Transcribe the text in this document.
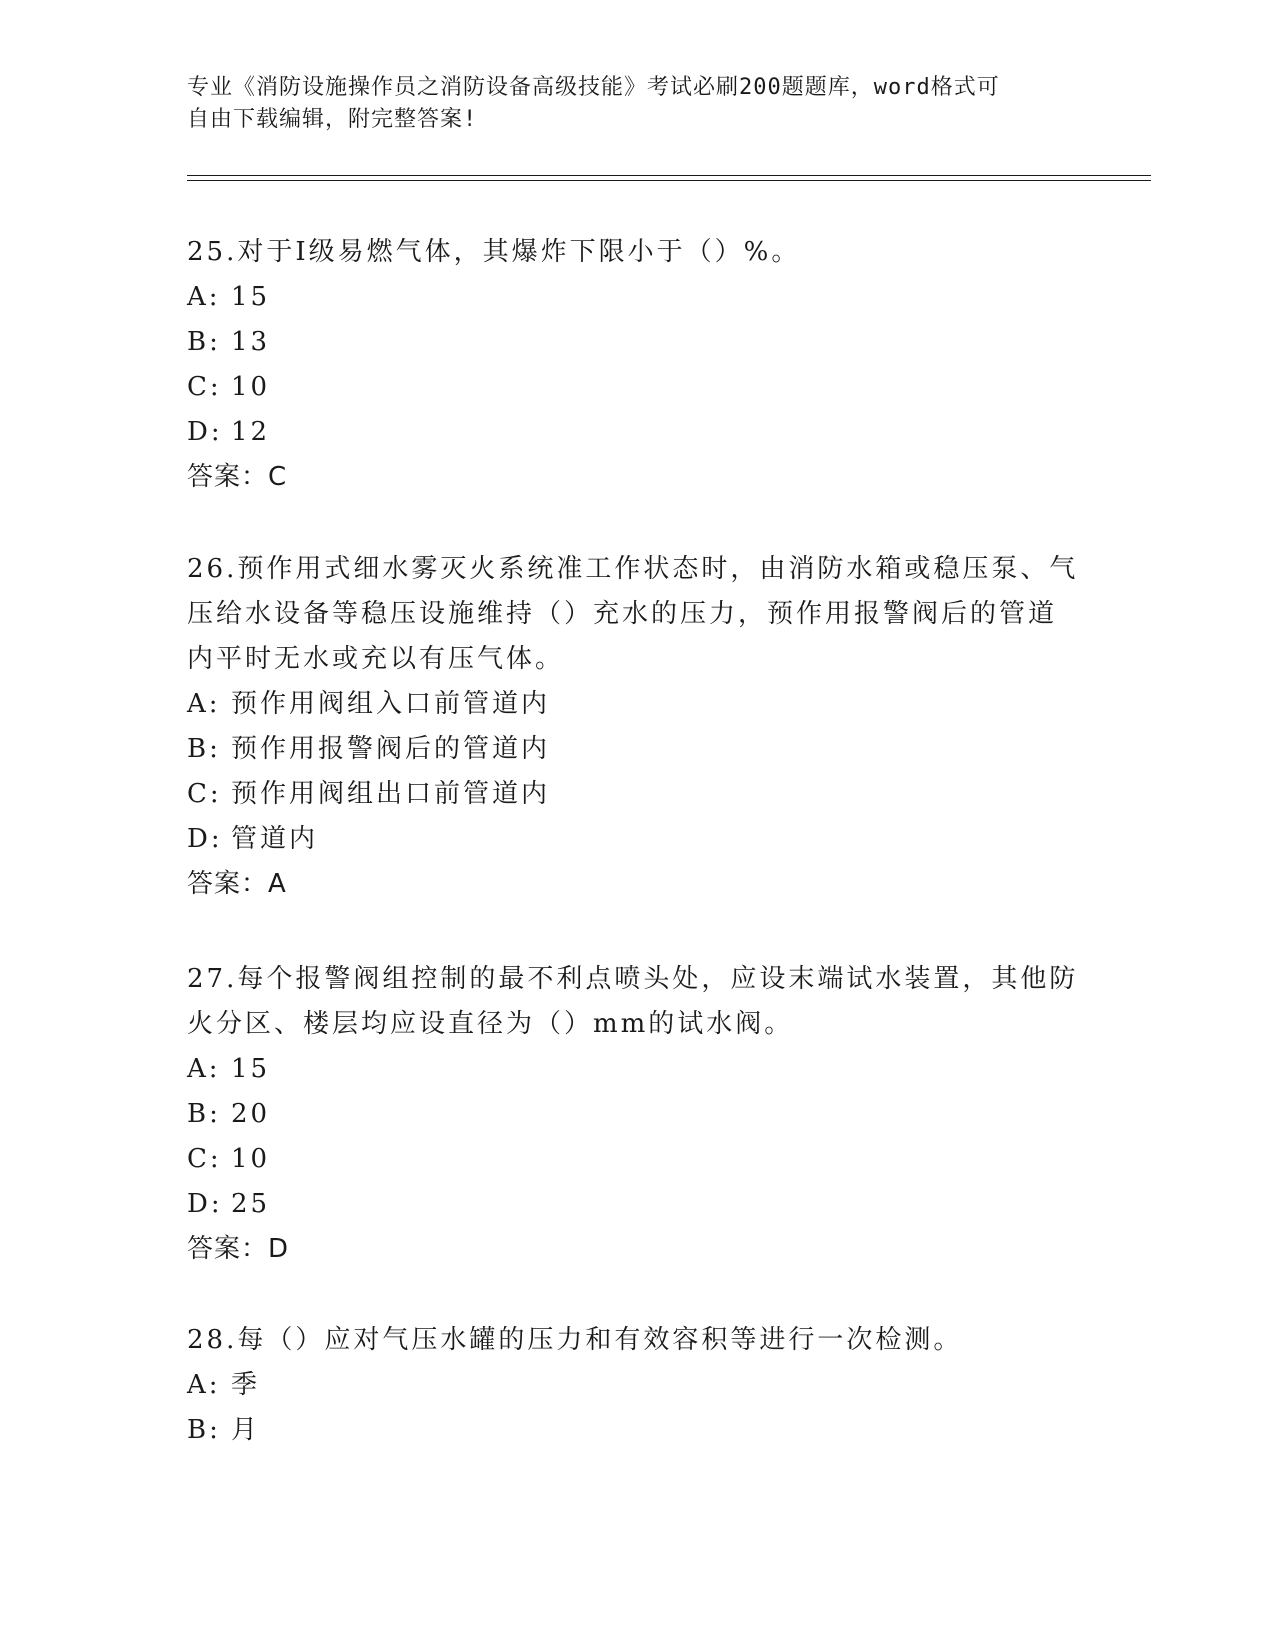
专业《消防设施操作员之消防设备高级技能》考试必刷200题题库，word格式可
自由下载编辑，附完整答案!
25.对于Ⅰ级易燃气体，其爆炸下限小于（）%。
A: 15
B: 13
C: 10
D: 12
答案：C
26.预作用式细水雾灭火系统准工作状态时，由消防水箱或稳压泵、气
压给水设备等稳压设施维持（）充水的压力，预作用报警阀后的管道
内平时无水或充以有压气体。
A: 预作用阀组入口前管道内
B: 预作用报警阀后的管道内
C: 预作用阀组出口前管道内
D: 管道内
答案：A
27.每个报警阀组控制的最不利点喷头处，应设末端试水装置，其他防
火分区、楼层均应设直径为（）mm的试水阀。
A: 15
B: 20
C: 10
D: 25
答案：D
28.每（）应对气压水罐的压力和有效容积等进行一次检测。
A: 季
B: 月
